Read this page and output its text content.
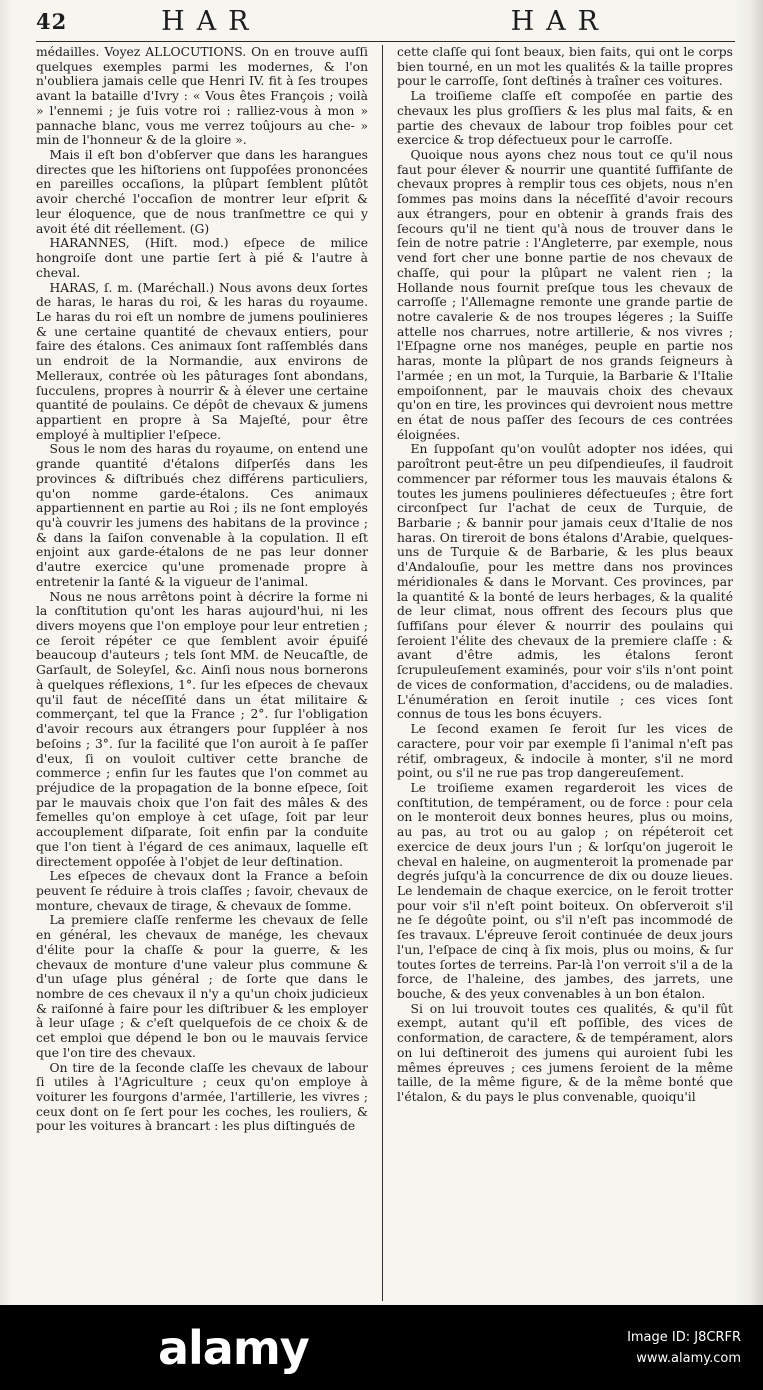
42	HAR	HAR

médailles. Voyez ALLOCUTIONS. On en trouve auſſi quelques exemples parmi les modernes, & l'on n'oubliera jamais celle que Henri IV. fit à ſes troupes avant la bataille d'Ivry : « Vous êtes François ; voilà » l'ennemi ; je ſuis votre roi : ralliez-vous à mon » pannache blanc, vous me verrez toûjours au che- » min de l'honneur & de la gloire ».

Mais il eſt bon d'obſerver que dans les harangues directes que les hiſtoriens ont ſuppoſées prononcées en pareilles occaſions, la plûpart ſemblent plûtôt avoir cherché l'occaſion de montrer leur eſprit & leur éloquence, que de nous tranſmettre ce qui y avoit été dit réellement. (G)

HARANNES, (Hiſt. mod.) eſpece de milice hongroiſe dont une partie ſert à pié & l'autre à cheval.

HARAS, ſ. m. (Maréchall.) Nous avons deux ſortes de haras, le haras du roi, & les haras du royaume. Le haras du roi eſt un nombre de jumens poulinieres & une certaine quantité de chevaux entiers, pour faire des étalons. Ces animaux ſont raſſemblés dans un endroit de la Normandie, aux environs de Melleraux, contrée où les pâturages ſont abondans, ſucculens, propres à nourrir & à élever une certaine quantité de poulains. Ce dépôt de chevaux & jumens appartient en propre à Sa Majeſté, pour être employé à multiplier l'eſpece.

Sous le nom des haras du royaume, on entend une grande quantité d'étalons diſperſés dans les provinces & diſtribués chez différens particuliers, qu'on nomme garde-étalons. Ces animaux appartiennent en partie au Roi ; ils ne ſont employés qu'à couvrir les jumens des habitans de la province ; & dans la ſaiſon convenable à la copulation. Il eſt enjoint aux garde-étalons de ne pas leur donner d'autre exercice qu'une promenade propre à entretenir la ſanté & la vigueur de l'animal.

Nous ne nous arrêtons point à décrire la forme ni la conſtitution qu'ont les haras aujourd'hui, ni les divers moyens que l'on employe pour leur entretien ; ce ſeroit répéter ce que ſemblent avoir épuiſé beaucoup d'auteurs ; tels ſont MM. de Neucaſtle, de Garſault, de Soleyſel, &c. Ainſi nous nous bornerons à quelques réflexions, 1°. ſur les eſpeces de chevaux qu'il faut de néceſſité dans un état militaire & commerçant, tel que la France ; 2°. ſur l'obligation d'avoir recours aux étrangers pour ſuppléer à nos beſoins ; 3°. ſur la facilité que l'on auroit à ſe paſſer d'eux, ſi on vouloit cultiver cette branche de commerce ; enfin ſur les fautes que l'on commet au préjudice de la propagation de la bonne eſpece, ſoit par le mauvais choix que l'on fait des mâles & des femelles qu'on employe à cet uſage, ſoit par leur accouplement diſparate, ſoit enfin par la conduite que l'on tient à l'égard de ces animaux, laquelle eſt directement oppoſée à l'objet de leur deſtination.

Les eſpeces de chevaux dont la France a beſoin peuvent ſe réduire à trois claſſes ; ſavoir, chevaux de monture, chevaux de tirage, & chevaux de ſomme.

La premiere claſſe renferme les chevaux de ſelle en général, les chevaux de manége, les chevaux d'élite pour la chaſſe & pour la guerre, & les chevaux de monture d'une valeur plus commune & d'un uſage plus général ; de ſorte que dans le nombre de ces chevaux il n'y a qu'un choix judicieux & raiſonné à faire pour les diſtribuer & les employer à leur uſage ; & c'eſt quelquefois de ce choix & de cet emploi que dépend le bon ou le mauvais ſervice que l'on tire des chevaux.

On tire de la ſeconde claſſe les chevaux de labour ſi utiles à l'Agriculture ; ceux qu'on employe à voiturer les fourgons d'armée, l'artillerie, les vivres ; ceux dont on ſe ſert pour les coches, les rouliers, & pour les voitures à brancart : les plus diſtingués de

cette claſſe qui ſont beaux, bien faits, qui ont le corps bien tourné, en un mot les qualités & la taille propres pour le carroſſe, ſont deſtinés à traîner ces voitures.

La troiſieme claſſe eſt compoſée en partie des chevaux les plus groſſiers & les plus mal faits, & en partie des chevaux de labour trop foibles pour cet exercice & trop défectueux pour le carroſſe.

Quoique nous ayons chez nous tout ce qu'il nous faut pour élever & nourrir une quantité ſuffiſante de chevaux propres à remplir tous ces objets, nous n'en ſommes pas moins dans la néceſſité d'avoir recours aux étrangers, pour en obtenir à grands frais des ſecours qu'il ne tient qu'à nous de trouver dans le ſein de notre patrie : l'Angleterre, par exemple, nous vend fort cher une bonne partie de nos chevaux de chaſſe, qui pour la plûpart ne valent rien ; la Hollande nous fournit preſque tous les chevaux de carroſſe ; l'Allemagne remonte une grande partie de notre cavalerie & de nos troupes légeres ; la Suiſſe attelle nos charrues, notre artillerie, & nos vivres ; l'Eſpagne orne nos manéges, peuple en partie nos haras, monte la plûpart de nos grands ſeigneurs à l'armée ; en un mot, la Turquie, la Barbarie & l'Italie empoiſonnent, par le mauvais choix des chevaux qu'on en tire, les provinces qui devroient nous mettre en état de nous paſſer des ſecours de ces contrées éloignées.

En ſuppoſant qu'on voulût adopter nos idées, qui paroîtront peut-être un peu diſpendieuſes, il faudroit commencer par réformer tous les mauvais étalons & toutes les jumens poulinieres défectueuſes ; être fort circonſpect ſur l'achat de ceux de Turquie, de Barbarie ; & bannir pour jamais ceux d'Italie de nos haras. On tireroit de bons étalons d'Arabie, quelques-uns de Turquie & de Barbarie, & les plus beaux d'Andalouſie, pour les mettre dans nos provinces méridionales & dans le Morvant. Ces provinces, par la quantité & la bonté de leurs herbages, & la qualité de leur climat, nous offrent des ſecours plus que ſuffiſans pour élever & nourrir des poulains qui ſeroient l'élite des chevaux de la premiere claſſe : & avant d'être admis, les étalons ſeront ſcrupuleuſement examinés, pour voir s'ils n'ont point de vices de conformation, d'accidens, ou de maladies. L'énumération en ſeroit inutile ; ces vices ſont connus de tous les bons écuyers.

Le ſecond examen ſe feroit ſur les vices de caractere, pour voir par exemple ſi l'animal n'eſt pas rétif, ombrageux, & indocile à monter, s'il ne mord point, ou s'il ne rue pas trop dangereuſement.

Le troiſieme examen regarderoit les vices de conſtitution, de tempérament, ou de force : pour cela on le monteroit deux bonnes heures, plus ou moins, au pas, au trot ou au galop ; on répéteroit cet exercice de deux jours l'un ; & lorſqu'on jugeroit le cheval en haleine, on augmenteroit la promenade par degrés juſqu'à la concurrence de dix ou douze lieues. Le lendemain de chaque exercice, on le feroit trotter pour voir s'il n'eſt point boiteux. On obſerveroit s'il ne ſe dégoûte point, ou s'il n'eſt pas incommodé de ſes travaux. L'épreuve ſeroit continuée de deux jours l'un, l'eſpace de cinq à ſix mois, plus ou moins, & ſur toutes ſortes de terreins. Par-là l'on verroit s'il a de la force, de l'haleine, des jambes, des jarrets, une bouche, & des yeux convenables à un bon étalon.

Si on lui trouvoit toutes ces qualités, & qu'il fût exempt, autant qu'il eſt poſſible, des vices de conformation, de caractere, & de tempérament, alors on lui deſtineroit des jumens qui auroient ſubi les mêmes épreuves ; ces jumens ſeroient de la même taille, de la même figure, & de la même bonté que l'étalon, & du pays le plus convenable, quoiqu'il

alamy	Image ID: J8CRFR
www.alamy.com
